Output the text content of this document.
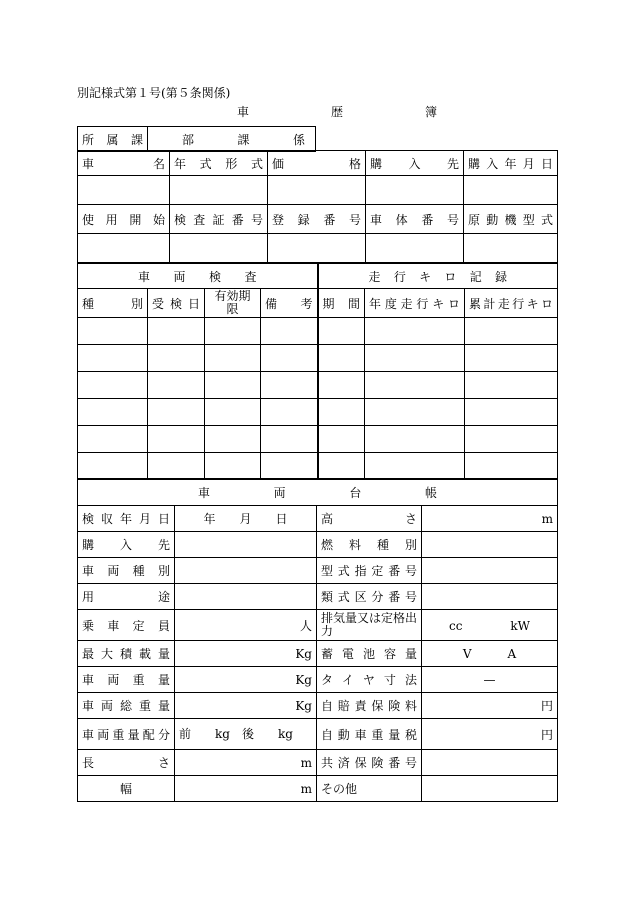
別記様式第１号(第５条関係)
車	歴	簿
所属課	部	課	係
車名	年式形式	価格	購入先	購入年月日

使用開始	検査証番号	登録番号	車体番号	原動機型式

車両検査				走行キロ記録		

種別	受検日	有効期限	備考	期間	年度走行キロ	累計走行キロ

車両台帳			

検収年月日	年　　月　　日	高さ	m
購入先		燃料種別	
車両種別		型式指定番号	
用途		類式区分番号	
乗車定員	人	排気量又は定格出力	cc　　　　kW
最大積載量	Kg	蓄電池容量	V　　　A
車両重量	Kg	タイヤ寸法	—
車両総重量	Kg	自賠責保険料	円
車両重量配分	前　　kg　後　　kg	自動車重量税	円
長さ	m	共済保険番号	
幅	m	その他	
